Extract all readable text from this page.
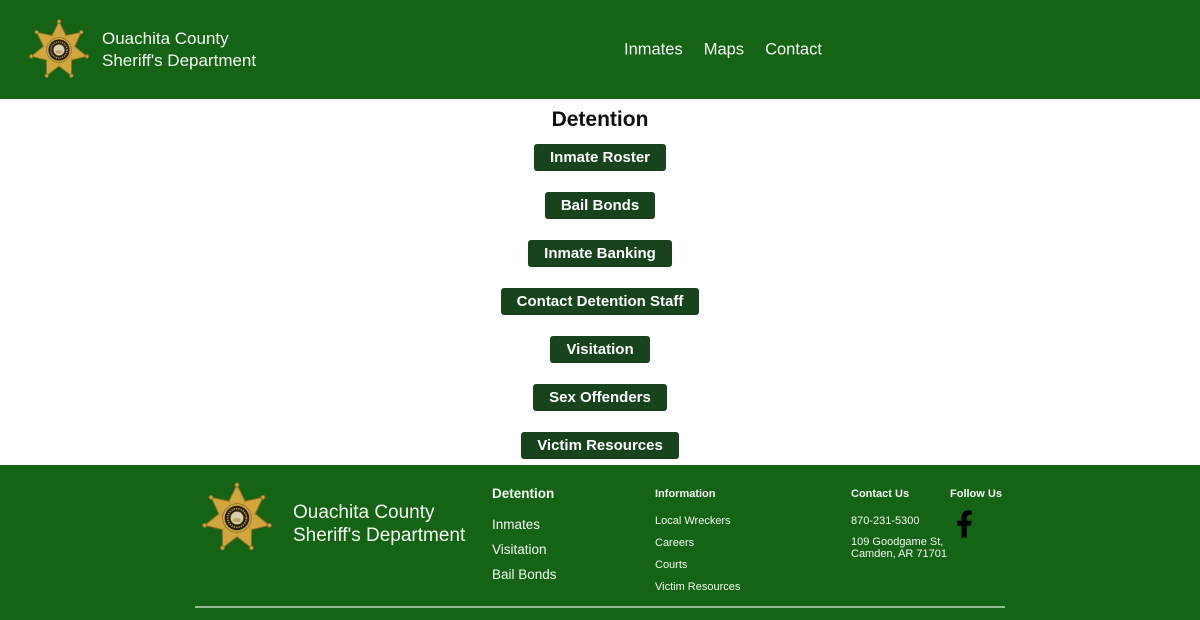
Ouachita County
Sheriff's Department
Inmates Maps Contact
Detention
Inmate Roster
Bail Bonds
Inmate Banking
Contact Detention Staff
Visitation
Sex Offenders
Victim Resources
Ouachita County
Sheriff's Department
Detention
Inmates
Visitation
Bail Bonds
Information
Local Wreckers
Careers
Courts
Victim Resources
Contact Us
870-231-5300
109 Goodgame St,
Camden, AR 71701
Follow Us
